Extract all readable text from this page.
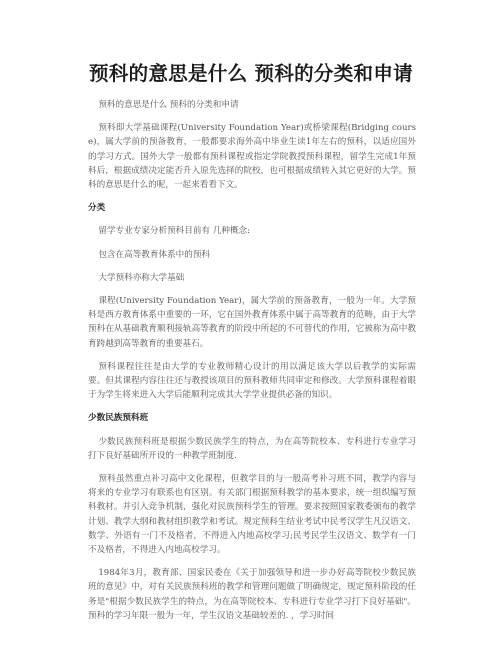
预科的意思是什么 预科的分类和申请

预科的意思是什么 预科的分类和申请

预科即大学基础课程(University Foundation Year)或桥梁课程(Bridging course)，属大学前的预备教育，一般都要求海外高中毕业生读1年左右的预科，以适应国外的学习方式。国外大学一般都有预科课程或指定学院教授预科课程，留学生完成1年预科后，根据成绩决定能否升入原先选择的院校，也可根据成绩转入其它更好的大学。预科的意思是什么的呢，一起来看看下文。

分类

留学专业专家分析预科目前有 几种概念:

包含在高等教育体系中的预科

大学预科亦称大学基础

课程(University Foundation Year)，属大学前的预备教育，一般为一年。大学预科是西方教育体系中重要的一环，它在国外教育体系中属于高等教育的范畴，由于大学预科在从基础教育顺利接轨高等教育的阶段中所起的不可替代的作用，它被称为高中教育跨越到高等教育的重要基石。

预科课程往往是由大学的专业教师精心设计的用以满足该大学以后教学的实际需要。但其课程内容往往还与教授该项目的预科教师共同审定和修改。大学预科课程着眼于为学生将来进入大学后能顺利完成其大学学业提供必备的知识。

少数民族预科班

少数民族预科班是根据少数民族学生的特点，为在高等院校本、专科进行专业学习打下良好基础所开设的一种教学班制度.

预科虽然重点补习高中文化课程，但教学目的与一般高考补习班不同，教学内容与将来的专业学习有联系也有区别。有关部门根据预科教学的基本要求，统一组织编写预科教材。并引入竞争机制，强化对民族预科学生的管理。要求按照国家教委颁布的教学计划、教学大纲和教材组织教学和考试。规定预科生结业考试中民考汉学生凡汉语文、数学、外语有一门不及格者，不得进入内地高校学习;民考民学生汉语文、数学有一门不及格者，不得进入内地高校学习。

1984年3月，教育部、国家民委在《关于加强领导和进一步办好高等院校少数民族班的意见》中，对有关民族预科班的教学和管理问题做了明确规定，规定预科阶段的任务是"根据少数民族学生的特点，为在高等院校本、专科进行专业学习打下良好基础"。预科的学习年限一般为一年，学生汉语文基础较差的. ，学习时间
